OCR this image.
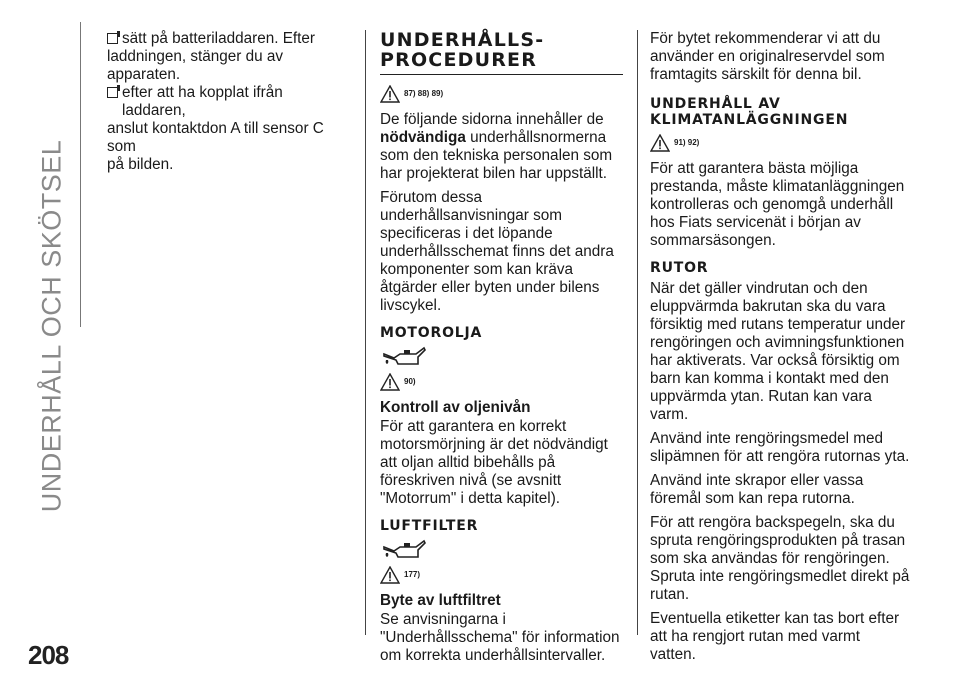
UNDERHÅLL OCH SKÖTSEL
208
sätt på batteriladdaren. Efter
laddningen, stänger du av apparaten.
efter att ha kopplat ifrån laddaren,
anslut kontaktdon A till sensor C som
på bilden.
UNDERHÅLLS-
PROCEDURER
87) 88) 89)

De följande sidorna innehåller de nödvändiga underhållsnormerna som den tekniska personalen som har projekterat bilen har uppställt.

Förutom dessa underhållsanvisningar som specificeras i det löpande underhållsschemat finns det andra komponenter som kan kräva åtgärder eller byten under bilens livscykel.

MOTOROLJA
90)
Kontroll av oljenivån

För att garantera en korrekt motorsmörjning är det nödvändigt att oljan alltid bibehålls på föreskriven nivå (se avsnitt "Motorrum" i detta kapitel).

LUFTFILTER
177)
Byte av luftfiltret

Se anvisningarna i "Underhållsschema" för information om korrekta underhållsintervaller.

För bytet rekommenderar vi att du använder en originalreservdel som framtagits särskilt för denna bil.

UNDERHÅLL AV
KLIMATANLÄGGNINGEN
91) 92)

För att garantera bästa möjliga prestanda, måste klimatanläggningen kontrolleras och genomgå underhåll hos Fiats servicenät i början av sommarsäsongen.

RUTOR

När det gäller vindrutan och den eluppvärmda bakrutan ska du vara försiktig med rutans temperatur under rengöringen och avimningsfunktionen har aktiverats. Var också försiktig om barn kan komma i kontakt med den uppvärmda ytan. Rutan kan vara varm.

Använd inte rengöringsmedel med slipämnen för att rengöra rutornas yta.

Använd inte skrapor eller vassa föremål som kan repa rutorna.

För att rengöra backspegeln, ska du spruta rengöringsprodukten på trasan som ska användas för rengöringen. Spruta inte rengöringsmedlet direkt på rutan.

Eventuella etiketter kan tas bort efter att ha rengjort rutan med varmt vatten.
